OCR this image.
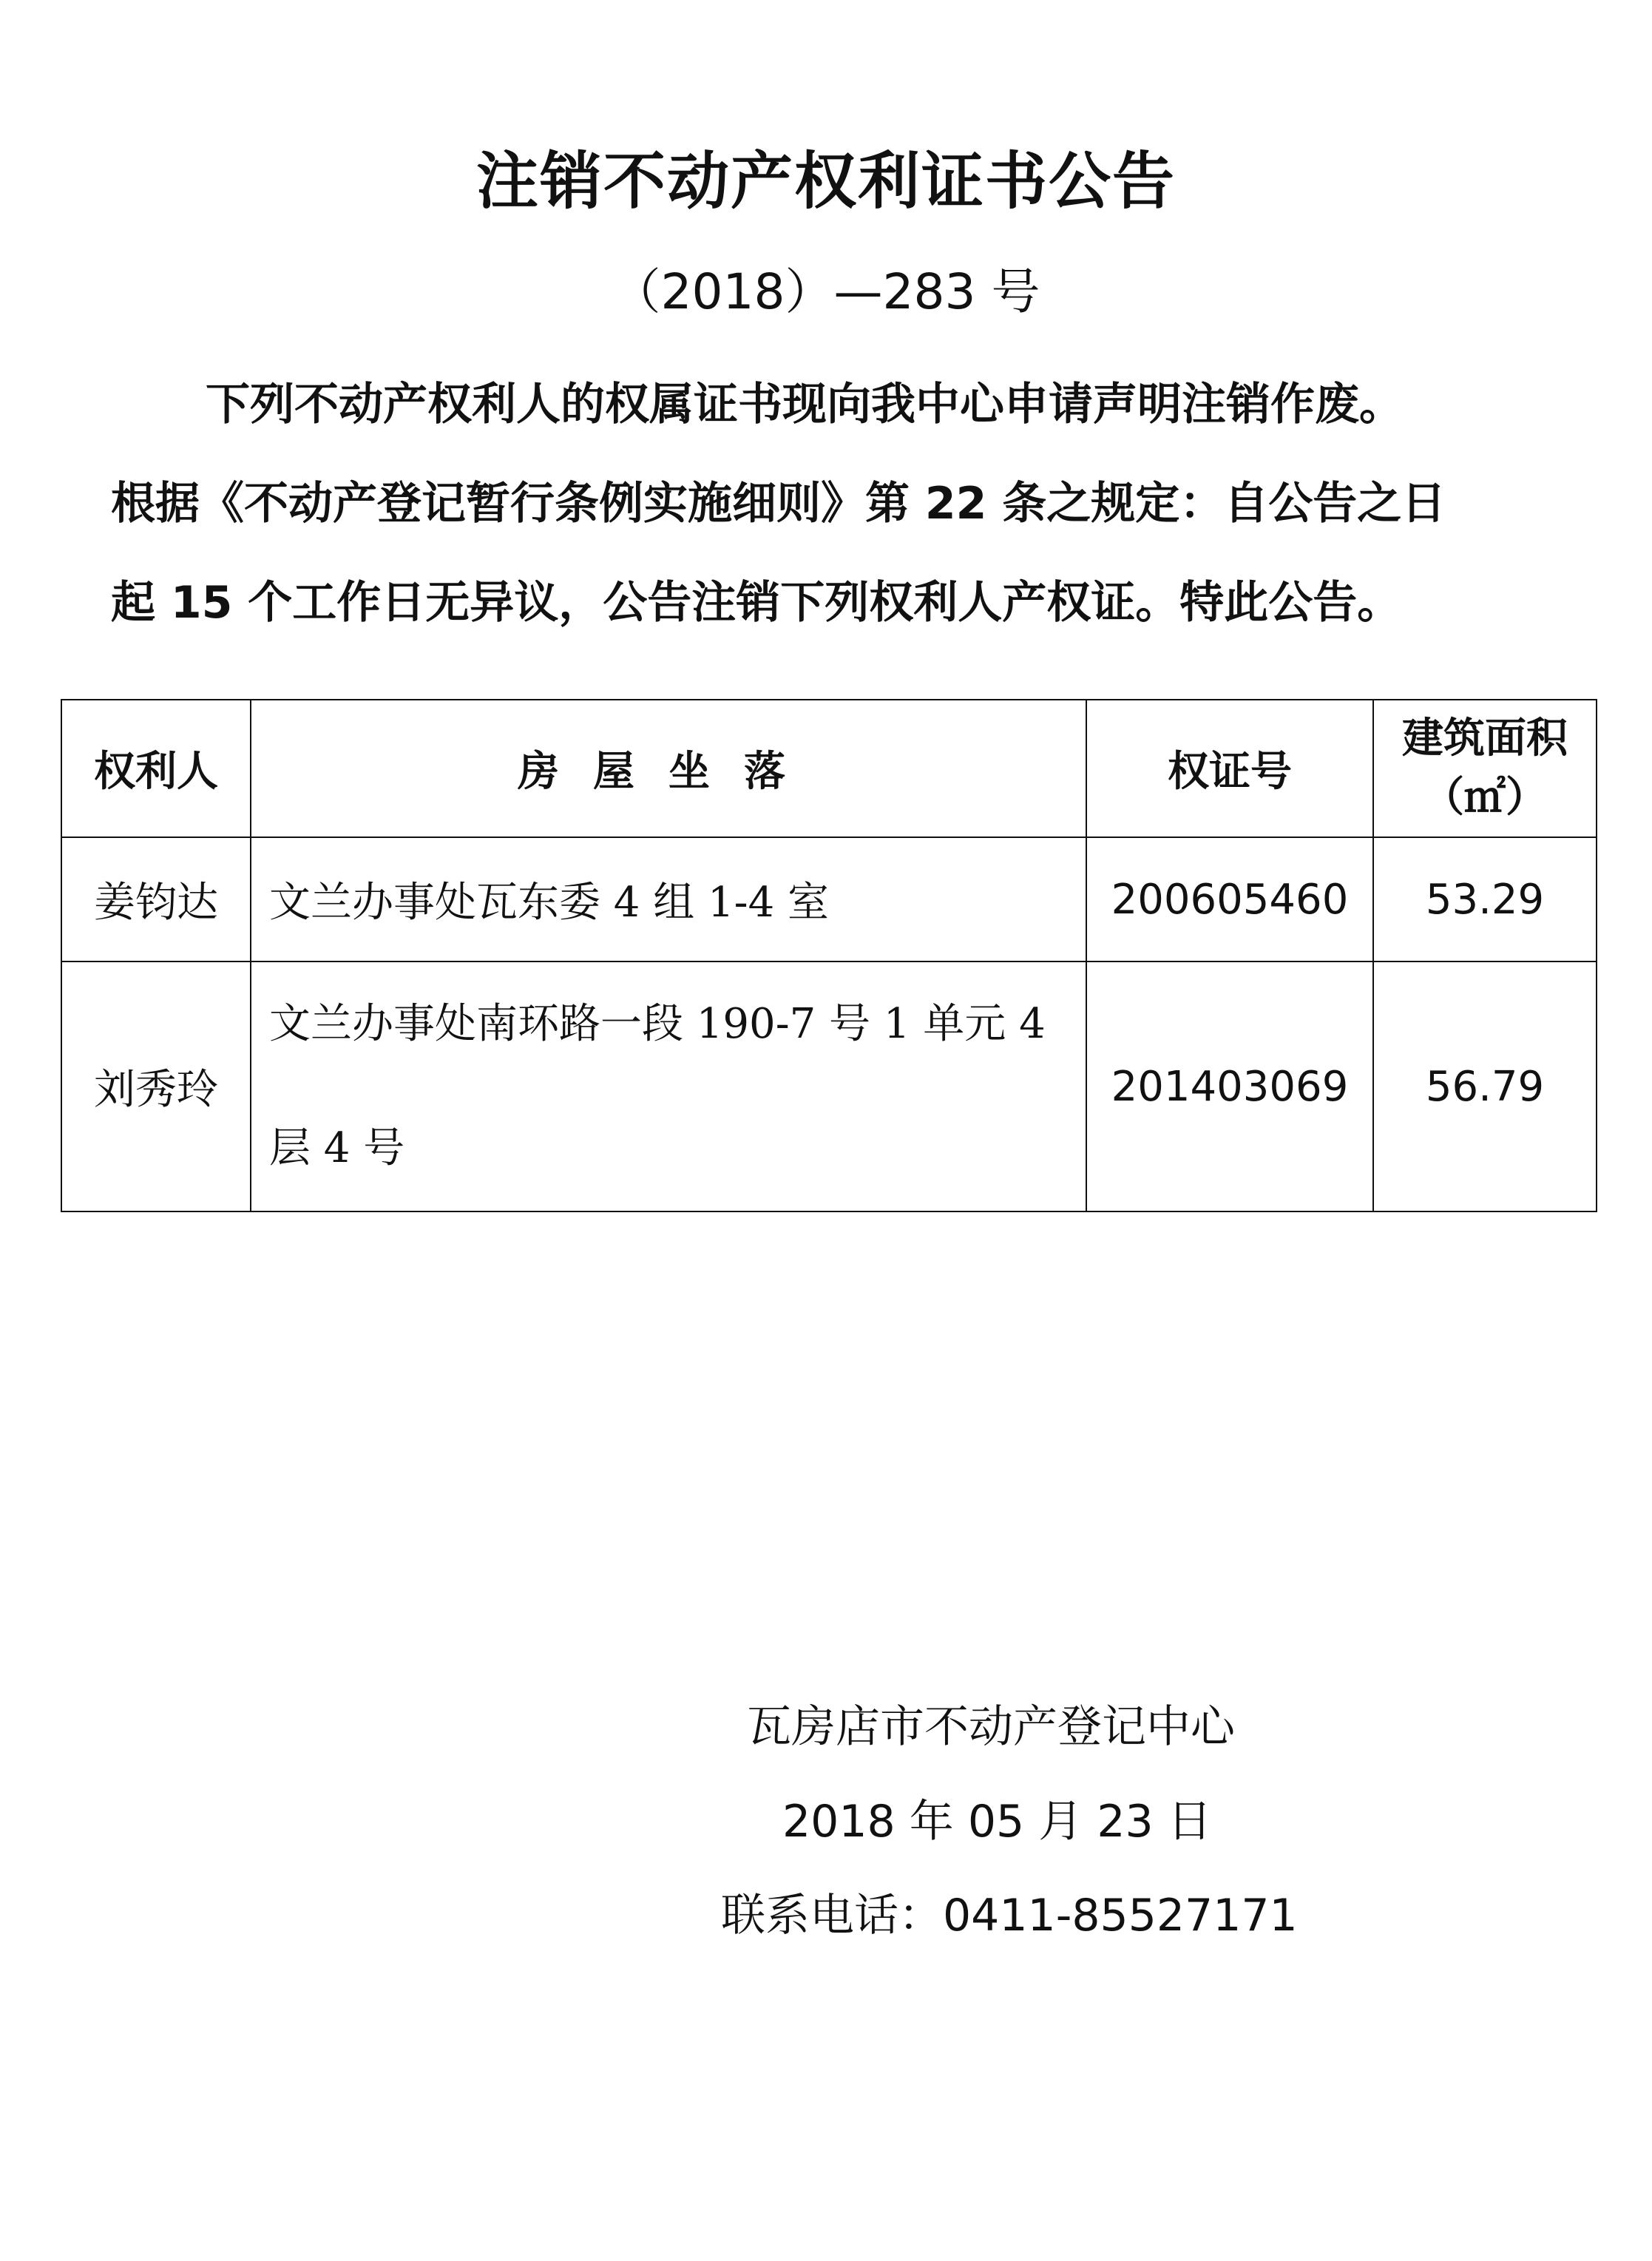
注销不动产权利证书公告
（2018）—283 号
下列不动产权利人的权属证书现向我中心申请声明注销作废。
根据《不动产登记暂行条例实施细则》第 22 条之规定：自公告之日
起 15 个工作日无异议，公告注销下列权利人产权证。特此公告。
权利人	房屋坐落	权证号	建筑面积
（㎡）
姜钧达	文兰办事处瓦东委 4 组 1-4 室	200605460	53.29
刘秀玲	文兰办事处南环路一段 190-7 号 1 单元 4
层 4 号	201403069	56.79
瓦房店市不动产登记中心
2018 年 05 月 23 日
联系电话：0411-85527171
